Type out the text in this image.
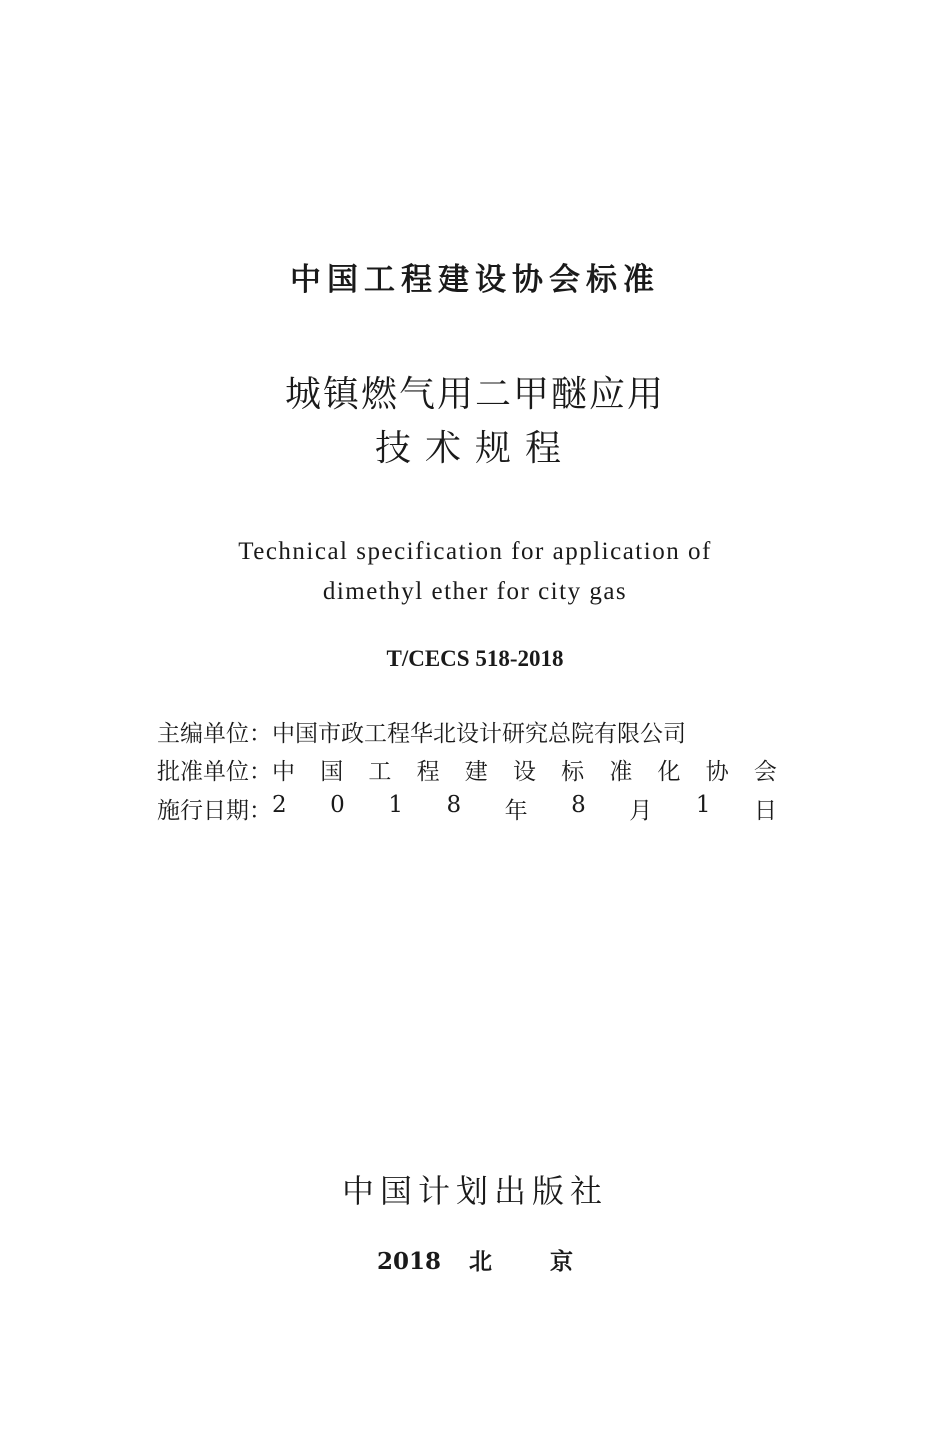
中国工程建设协会标准
城镇燃气用二甲醚应用
技术规程
Technical specification for application of
dimethyl ether for city gas
T/CECS 518-2018
主编单位： 中国市政工程华北设计研究总院有限公司
批准单位： 中 国 工 程 建 设 标 准 化 协 会
施行日期： 2 0 1 8 年 8 月 1 日
中国计划出版社
2018 北	京
